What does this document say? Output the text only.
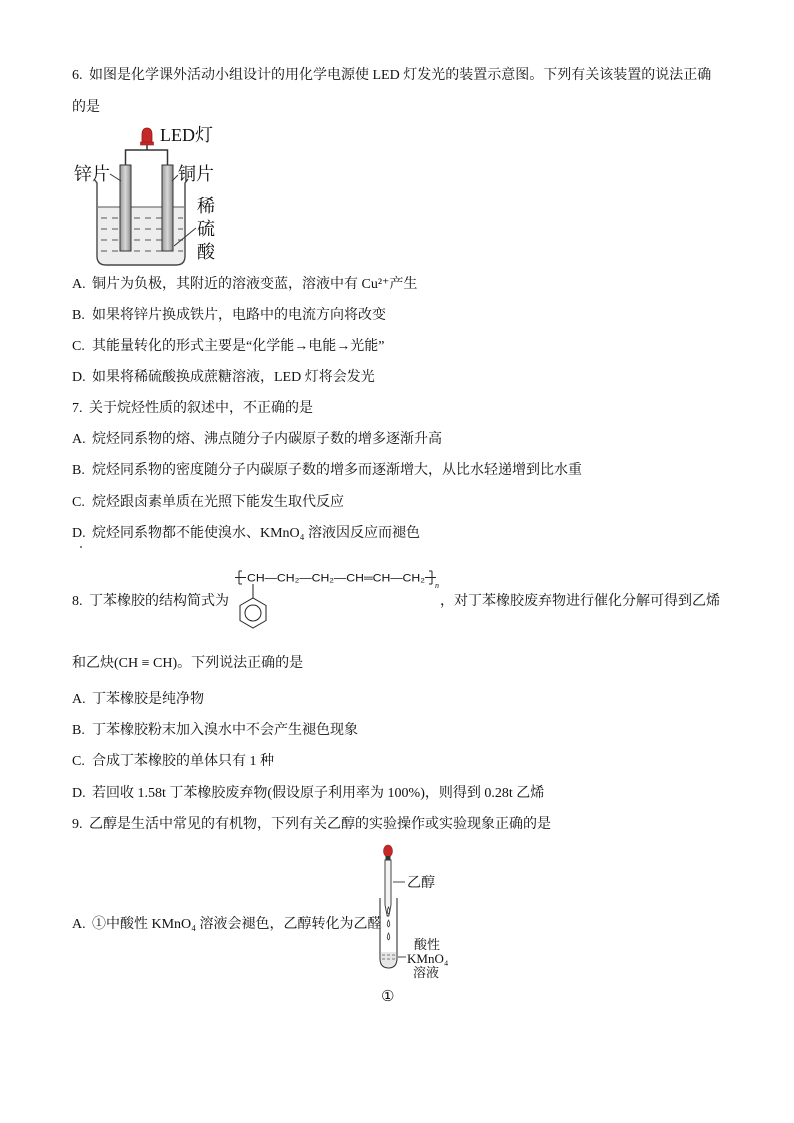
6. 如图是化学课外活动小组设计的用化学电源使 LED 灯发光的装置示意图。下列有关该装置的说法正确
的是
LED灯
锌片	铜片
稀
硫
酸
A. 铜片为负极，其附近的溶液变蓝，溶液中有 Cu²⁺产生
B. 如果将锌片换成铁片，电路中的电流方向将改变
C. 其能量转化的形式主要是“化学能→电能→光能”
D. 如果将稀硫酸换成蔗糖溶液，LED 灯将会发光
7. 关于烷烃性质的叙述中，不正确的是
A. 烷烃同系物的熔、沸点随分子内碳原子数的增多逐渐升高
B. 烷烃同系物的密度随分子内碳原子数的增多而逐渐增大，从比水轻递增到比水重
C. 烷烃跟卤素单质在光照下能发生取代反应
D. 烷烃同系物都不能使溴水、KMnO₄ 溶液因反应而褪色
8. 丁苯橡胶的结构简式为
CH—CH₂—CH₂—CH═CH—CH₂
n
，对丁苯橡胶废弃物进行催化分解可得到乙烯
和乙炔(CH ≡ CH)。下列说法正确的是
A. 丁苯橡胶是纯净物
B. 丁苯橡胶粉末加入溴水中不会产生褪色现象
C. 合成丁苯橡胶的单体只有 1 种
D. 若回收 1.58t 丁苯橡胶废弃物(假设原子利用率为 100%)，则得到 0.28t 乙烯
9. 乙醇是生活中常见的有机物，下列有关乙醇的实验操作或实验现象正确的是
A. ①中酸性 KMnO₄ 溶液会褪色，乙醇转化为乙醛
乙醇
酸性
KMnO₄
溶液
①
